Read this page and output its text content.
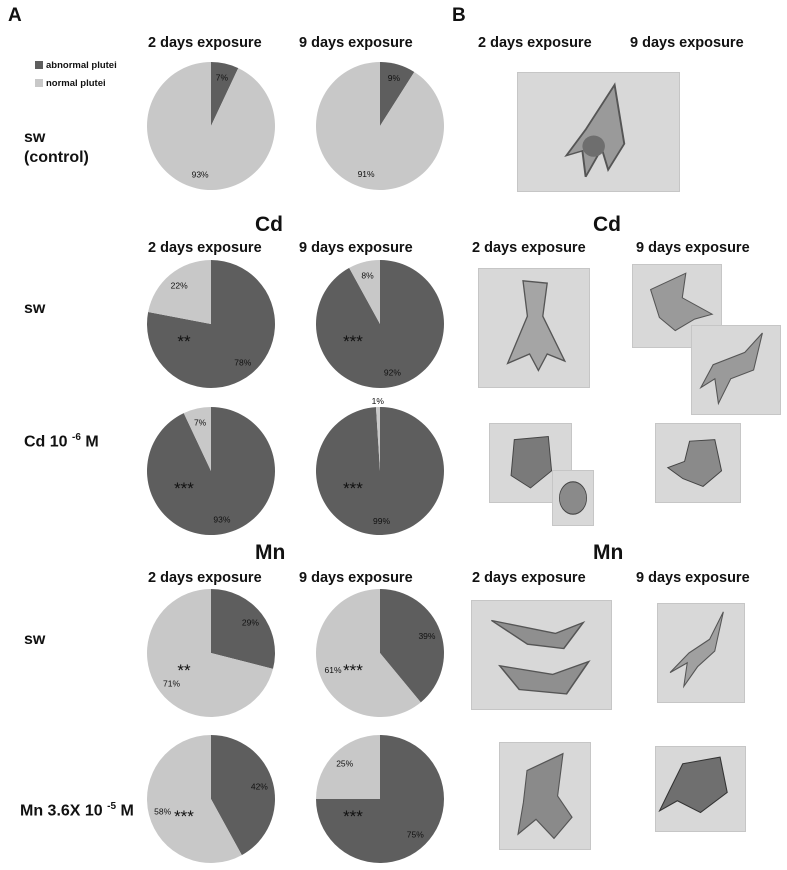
A	B
abnormal plutei
normal plutei
2 days exposure	9 days exposure
2 days exposure	9 days exposure
2 days exposure	9 days exposure
2 days exposure	9 days exposure
2 days exposure	9 days exposure
2 days exposure	9 days exposure
Cd	Cd
Mn	Mn
sw
(control)
sw
Cd 10 $^{-6}$ M
sw
Mn 3.6X 10 $^{-5}$ M
7%
93%
9%
91%
78%
22%
**
92%
8%
***
93%
7%
***
99%
1%
***
29%
71%
**
39%
61% ***
42%
58% ***
75%
25%
***
